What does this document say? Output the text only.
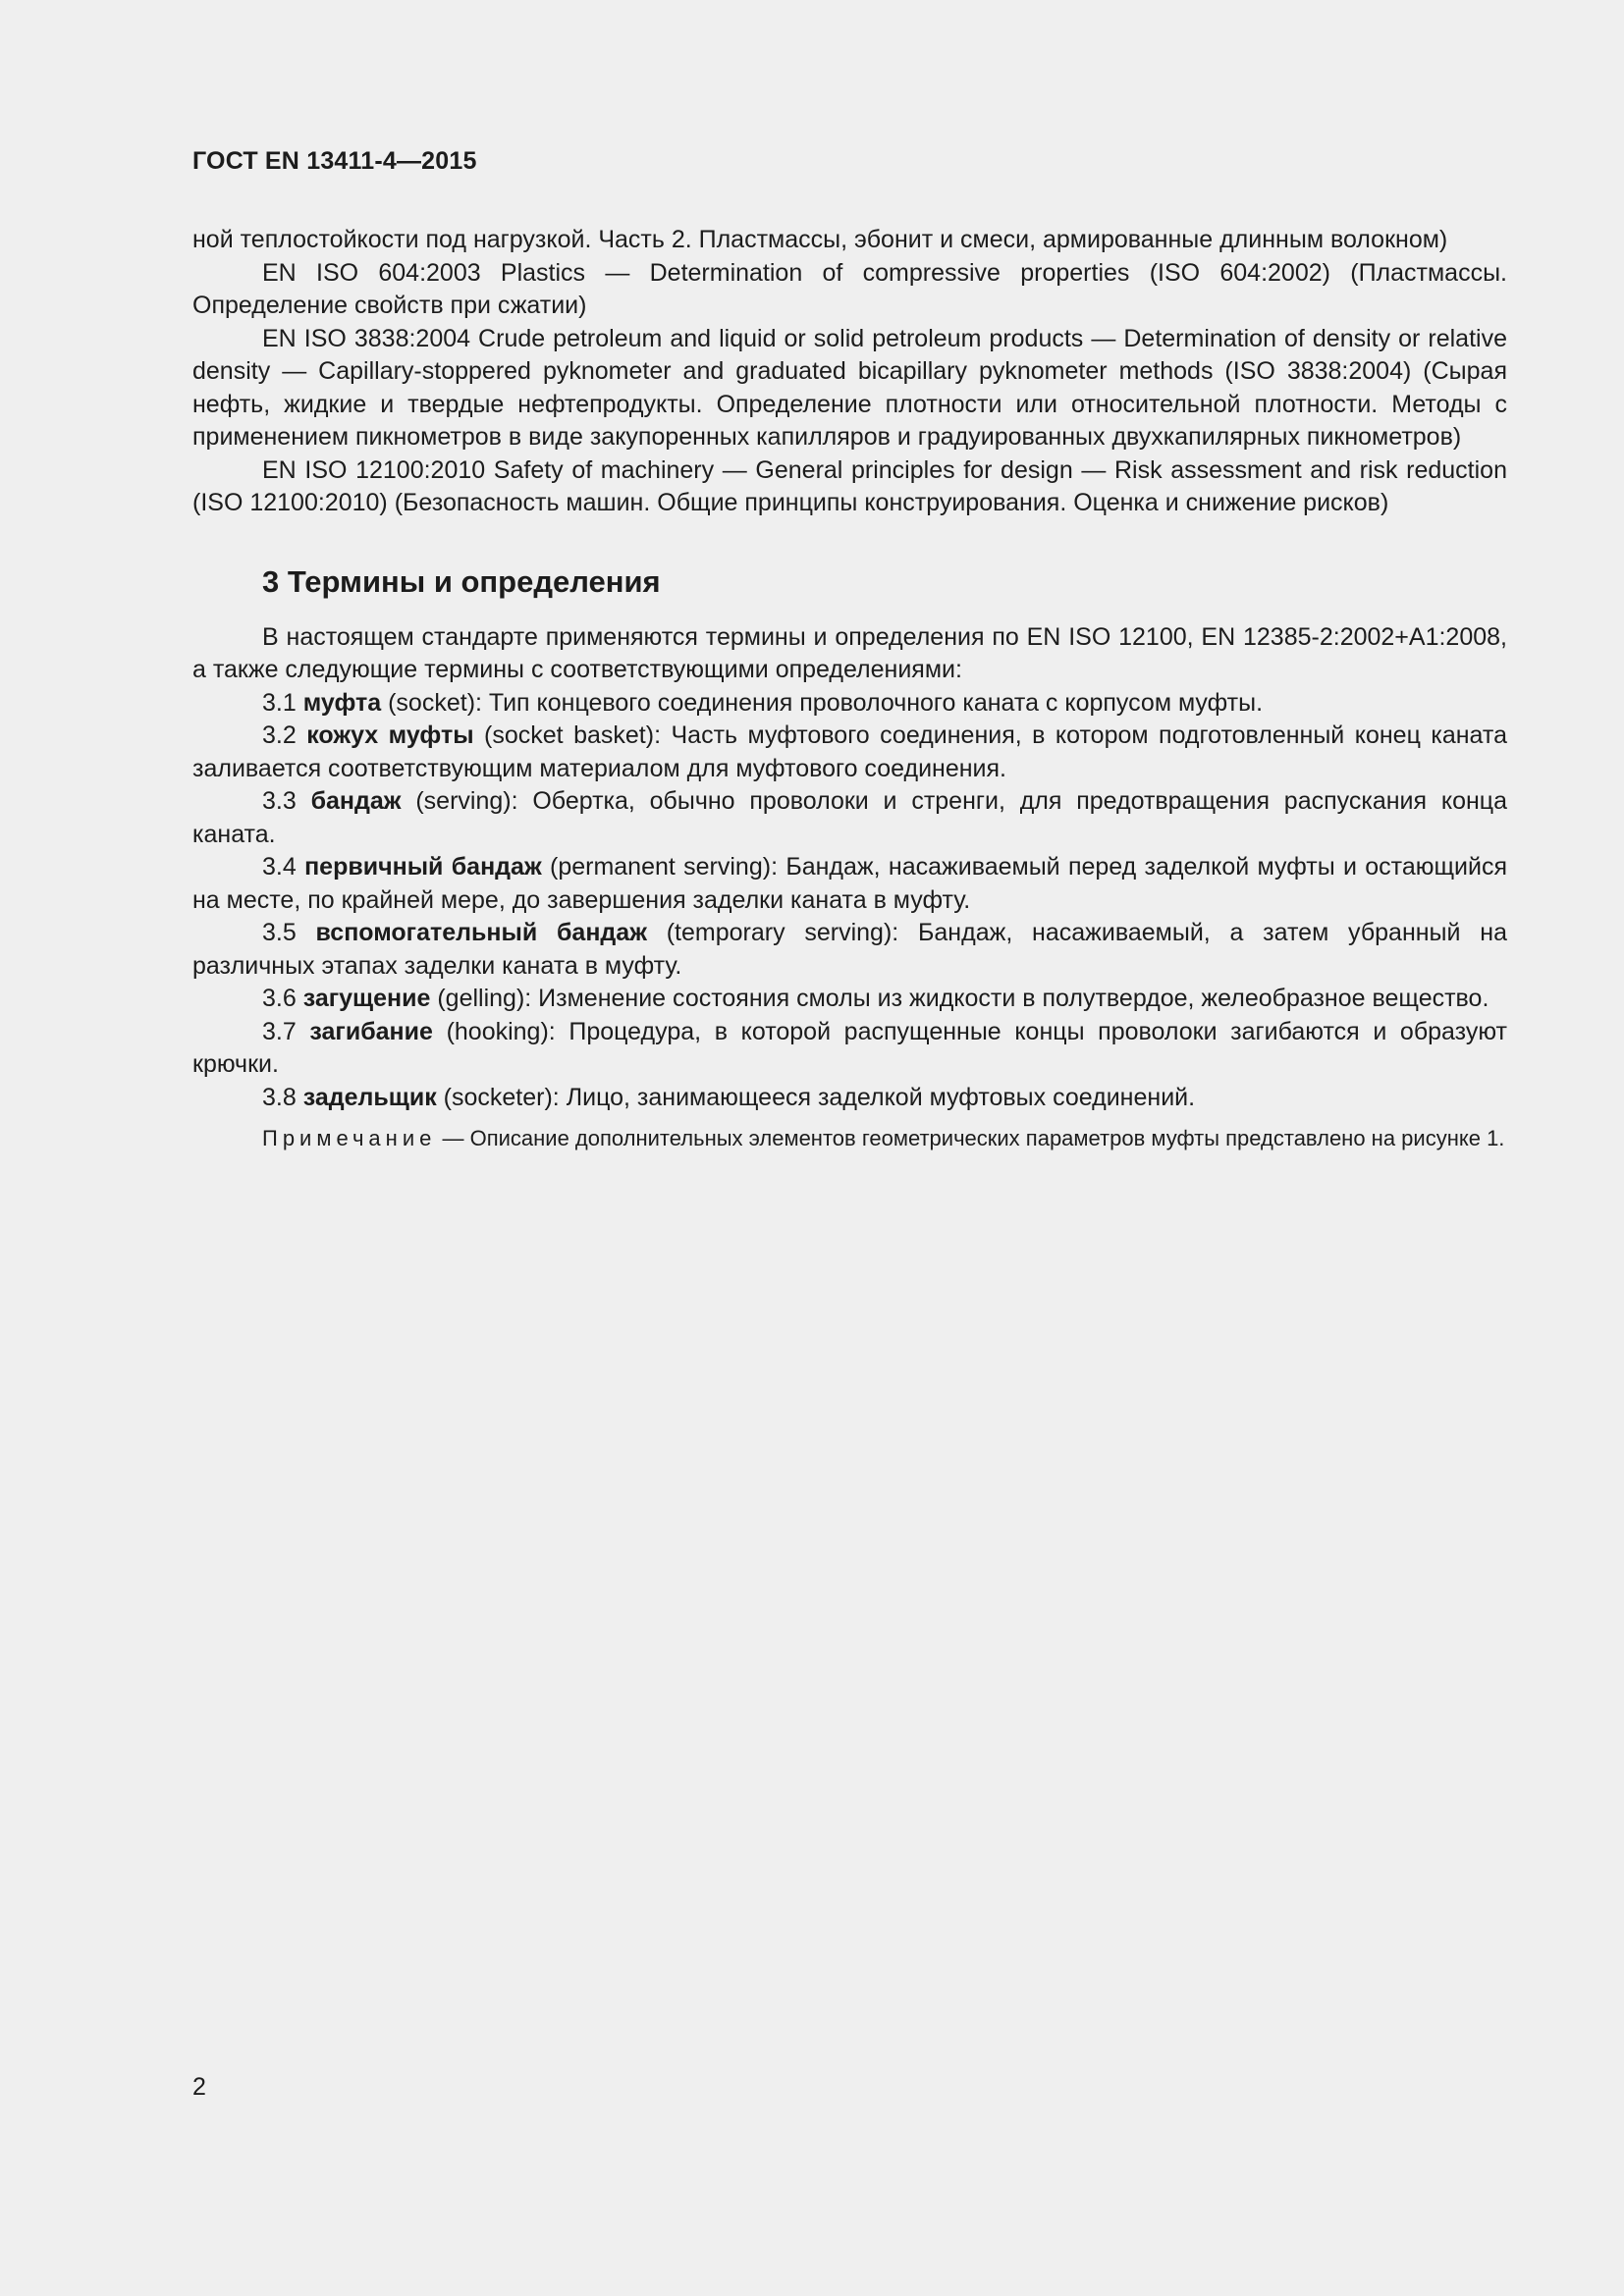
ГОСТ EN 13411-4—2015

ной теплостойкости под нагрузкой. Часть 2. Пластмассы, эбонит и смеси, армированные длинным волокном)

EN ISO 604:2003 Plastics — Determination of compressive properties (ISO 604:2002) (Пластмассы. Определение свойств при сжатии)

EN ISO 3838:2004 Crude petroleum and liquid or solid petroleum products — Determination of density or relative density — Capillary-stoppered pyknometer and graduated bicapillary pyknometer methods (ISO 3838:2004) (Сырая нефть, жидкие и твердые нефтепродукты. Определение плотности или относительной плотности. Методы с применением пикнометров в виде закупоренных капилляров и градуированных двухкапилярных пикнометров)

EN ISO 12100:2010 Safety of machinery — General principles for design — Risk assessment and risk reduction (ISO 12100:2010) (Безопасность машин. Общие принципы конструирования. Оценка и снижение рисков)

3 Термины и определения

В настоящем стандарте применяются термины и определения по EN ISO 12100, EN 12385-2:2002+A1:2008, а также следующие термины с соответствующими определениями:

3.1 муфта (socket): Тип концевого соединения проволочного каната с корпусом муфты.

3.2 кожух муфты (socket basket): Часть муфтового соединения, в котором подготовленный конец каната заливается соответствующим материалом для муфтового соединения.

3.3 бандаж (serving): Обертка, обычно проволоки и стренги, для предотвращения распускания конца каната.

3.4 первичный бандаж (permanent serving): Бандаж, насаживаемый перед заделкой муфты и остающийся на месте, по крайней мере, до завершения заделки каната в муфту.

3.5 вспомогательный бандаж (temporary serving): Бандаж, насаживаемый, а затем убранный на различных этапах заделки каната в муфту.

3.6 загущение (gelling): Изменение состояния смолы из жидкости в полутвердое, желеобразное вещество.

3.7 загибание (hooking): Процедура, в которой распущенные концы проволоки загибаются и образуют крючки.

3.8 задельщик (socketer): Лицо, занимающееся заделкой муфтовых соединений.

Примечание — Описание дополнительных элементов геометрических параметров муфты представлено на рисунке 1.

2
